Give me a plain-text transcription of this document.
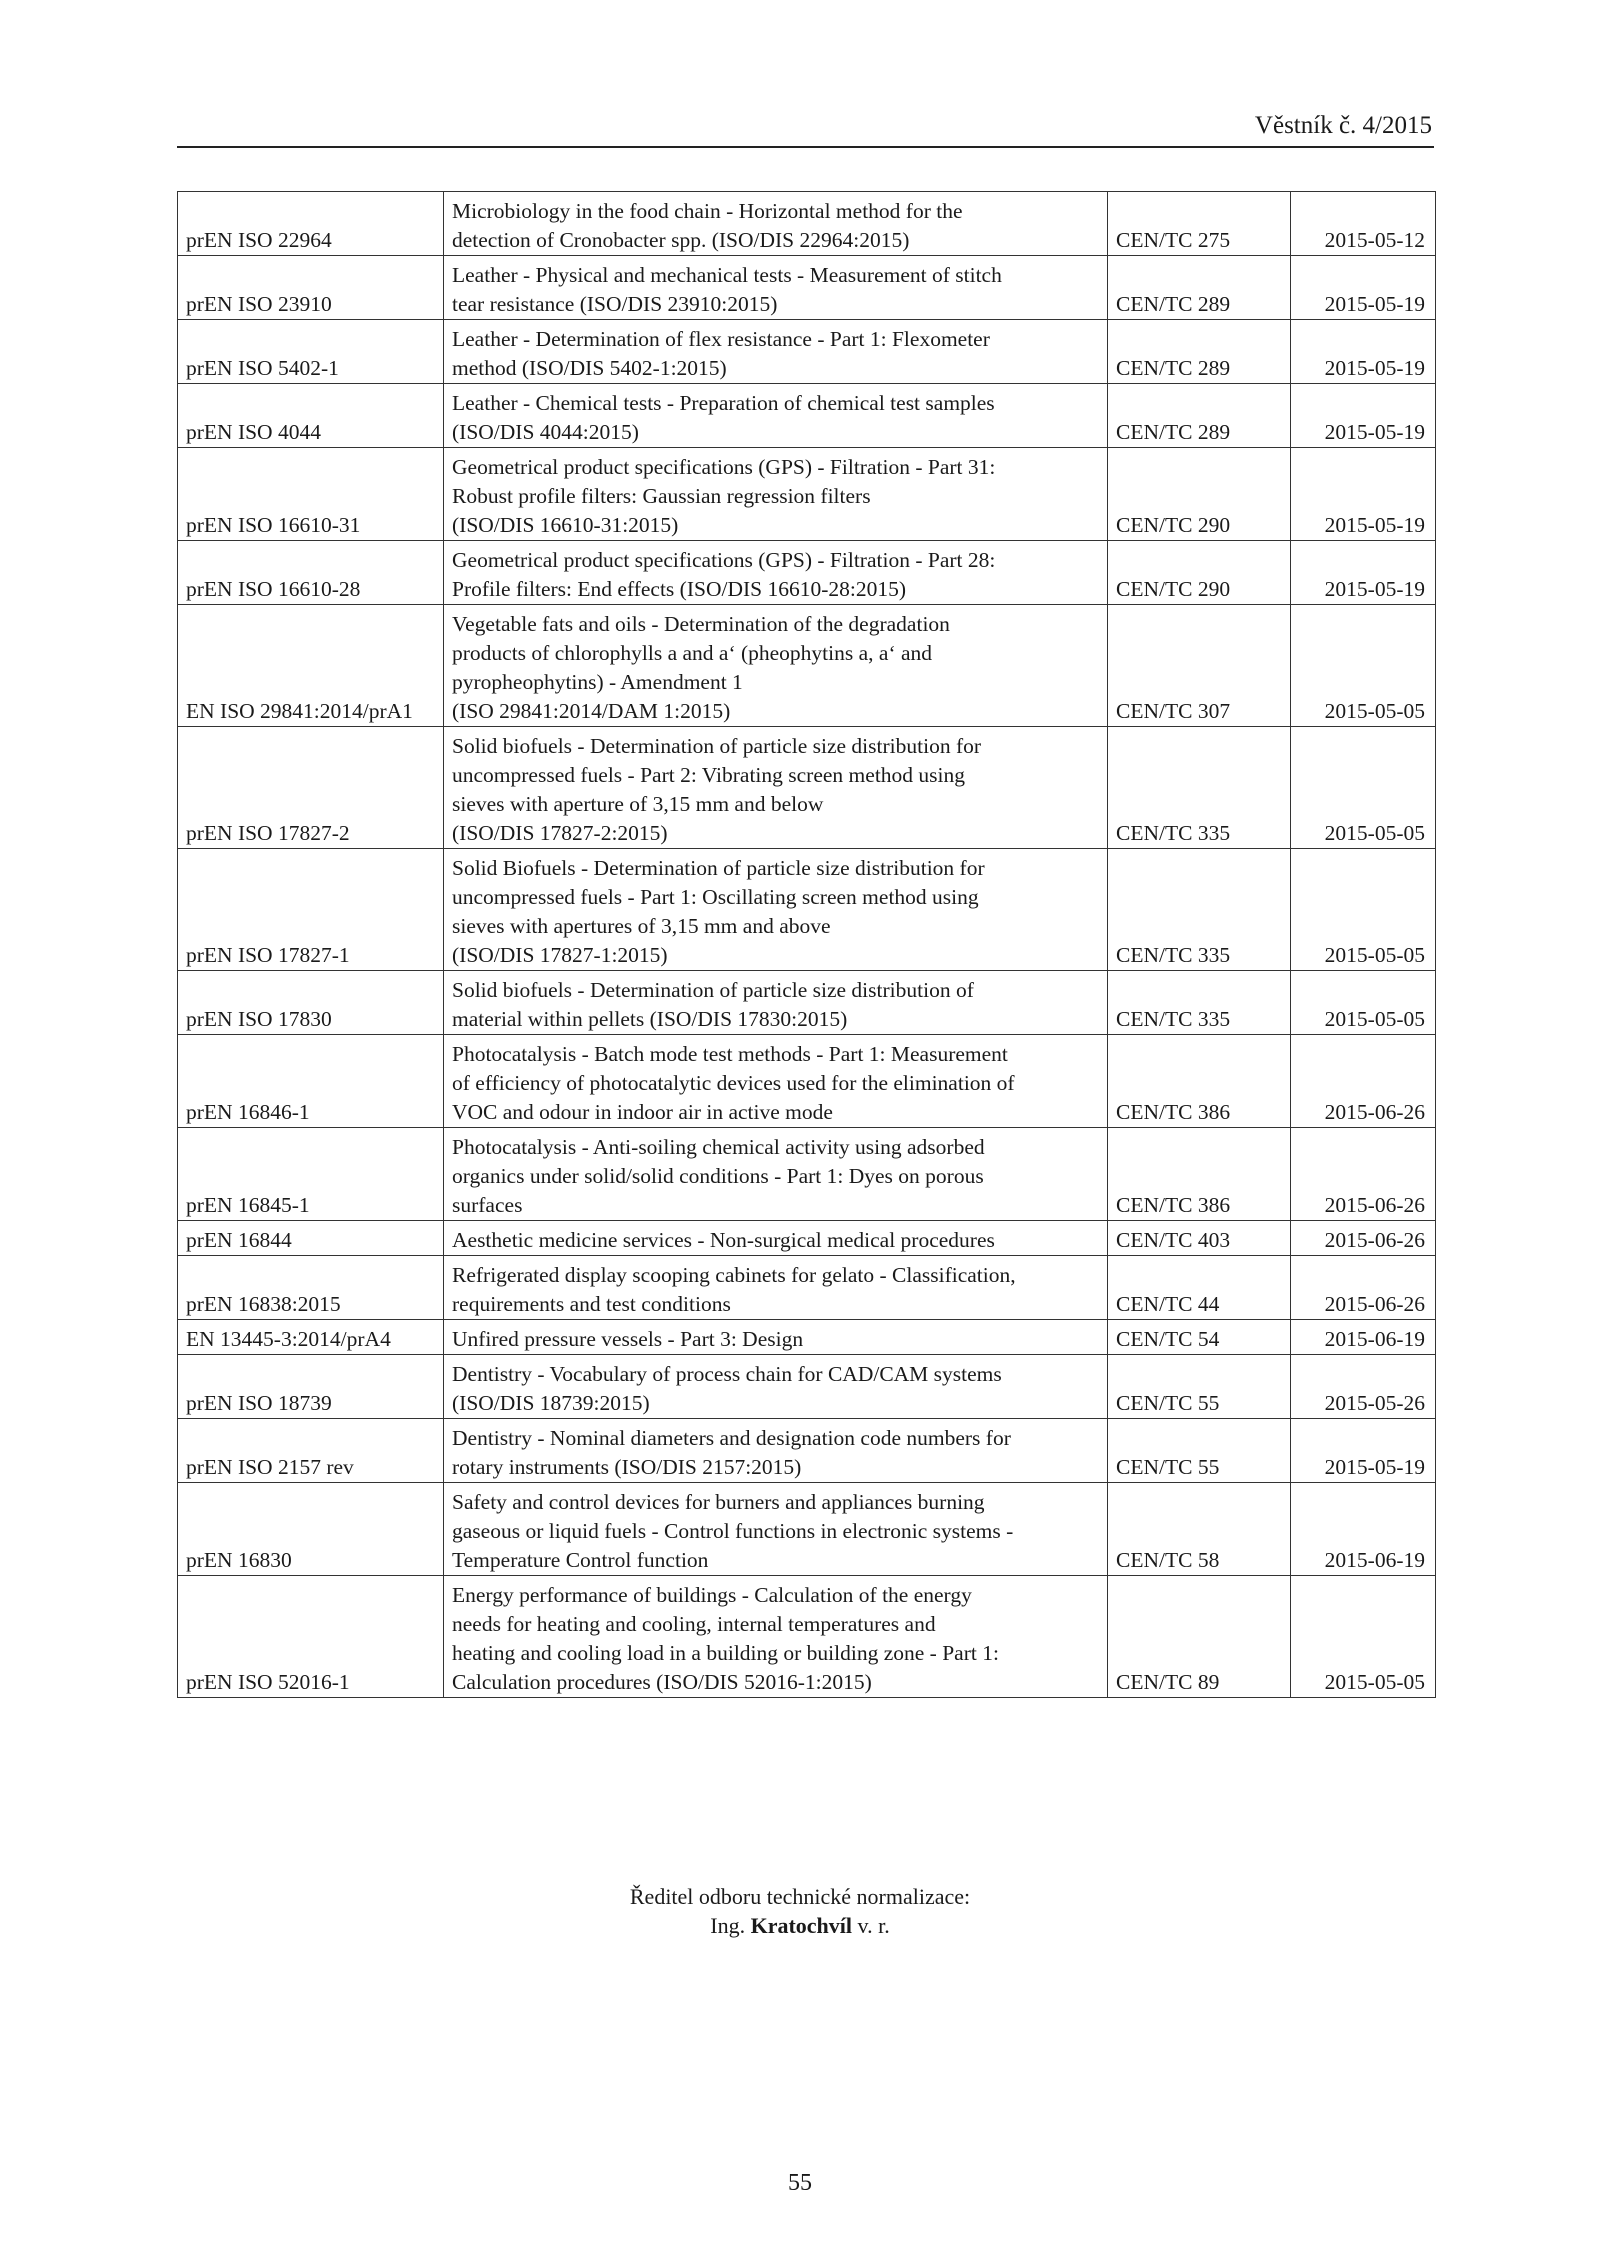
Věstník č. 4/2015
prEN ISO 22964	Microbiology in the food chain - Horizontal method for the
detection of Cronobacter spp. (ISO/DIS 22964:2015)	CEN/TC 275	2015-05-12
prEN ISO 23910	Leather - Physical and mechanical tests - Measurement of stitch
tear resistance (ISO/DIS 23910:2015)	CEN/TC 289	2015-05-19
prEN ISO 5402-1	Leather - Determination of flex resistance - Part 1: Flexometer
method (ISO/DIS 5402-1:2015)	CEN/TC 289	2015-05-19
prEN ISO 4044	Leather - Chemical tests - Preparation of chemical test samples
(ISO/DIS 4044:2015)	CEN/TC 289	2015-05-19
prEN ISO 16610-31	Geometrical product specifications (GPS) - Filtration - Part 31:
Robust profile filters: Gaussian regression filters
(ISO/DIS 16610-31:2015)	CEN/TC 290	2015-05-19
prEN ISO 16610-28	Geometrical product specifications (GPS) - Filtration - Part 28:
Profile filters: End effects (ISO/DIS 16610-28:2015)	CEN/TC 290	2015-05-19
EN ISO 29841:2014/prA1	Vegetable fats and oils - Determination of the degradation
products of chlorophylls a and a‘ (pheophytins a, a‘ and
pyropheophytins) - Amendment 1
(ISO 29841:2014/DAM 1:2015)	CEN/TC 307	2015-05-05
prEN ISO 17827-2	Solid biofuels - Determination of particle size distribution for
uncompressed fuels - Part 2: Vibrating screen method using
sieves with aperture of 3,15 mm and below
(ISO/DIS 17827-2:2015)	CEN/TC 335	2015-05-05
prEN ISO 17827-1	Solid Biofuels - Determination of particle size distribution for
uncompressed fuels - Part 1: Oscillating screen method using
sieves with apertures of 3,15 mm and above
(ISO/DIS 17827-1:2015)	CEN/TC 335	2015-05-05
prEN ISO 17830	Solid biofuels - Determination of particle size distribution of
material within pellets (ISO/DIS 17830:2015)	CEN/TC 335	2015-05-05
prEN 16846-1	Photocatalysis - Batch mode test methods - Part 1: Measurement
of efficiency of photocatalytic devices used for the elimination of
VOC and odour in indoor air in active mode	CEN/TC 386	2015-06-26
prEN 16845-1	Photocatalysis - Anti-soiling chemical activity using adsorbed
organics under solid/solid conditions - Part 1: Dyes on porous
surfaces	CEN/TC 386	2015-06-26
prEN 16844	Aesthetic medicine services - Non-surgical medical procedures	CEN/TC 403	2015-06-26
prEN 16838:2015	Refrigerated display scooping cabinets for gelato - Classification,
requirements and test conditions	CEN/TC 44	2015-06-26
EN 13445-3:2014/prA4	Unfired pressure vessels - Part 3: Design	CEN/TC 54	2015-06-19
prEN ISO 18739	Dentistry - Vocabulary of process chain for CAD/CAM systems
(ISO/DIS 18739:2015)	CEN/TC 55	2015-05-26
prEN ISO 2157 rev	Dentistry - Nominal diameters and designation code numbers for
rotary instruments (ISO/DIS 2157:2015)	CEN/TC 55	2015-05-19
prEN 16830	Safety and control devices for burners and appliances burning
gaseous or liquid fuels - Control functions in electronic systems -
Temperature Control function	CEN/TC 58	2015-06-19
prEN ISO 52016-1	Energy performance of buildings - Calculation of the energy
needs for heating and cooling, internal temperatures and
heating and cooling load in a building or building zone - Part 1:
Calculation procedures (ISO/DIS 52016-1:2015)	CEN/TC 89	2015-05-05
Ředitel odboru technické normalizace:
Ing. Kratochvíl v. r.
55
